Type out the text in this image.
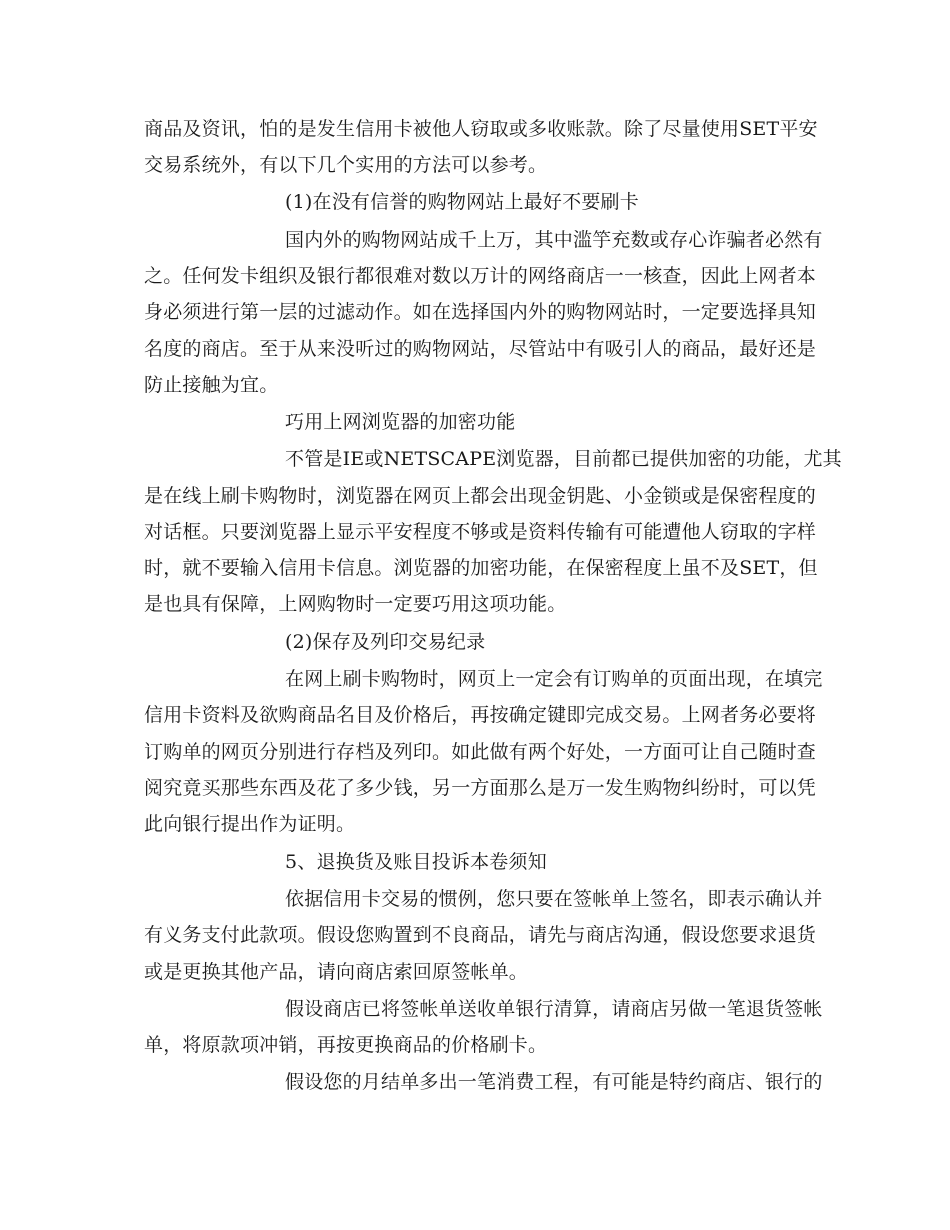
商品及资讯，怕的是发生信用卡被他人窃取或多收账款。除了尽量使用SET平安
交易系统外，有以下几个实用的方法可以参考。
(1)在没有信誉的购物网站上最好不要刷卡
国内外的购物网站成千上万，其中滥竽充数或存心诈骗者必然有
之。任何发卡组织及银行都很难对数以万计的网络商店一一核查，因此上网者本
身必须进行第一层的过滤动作。如在选择国内外的购物网站时，一定要选择具知
名度的商店。至于从来没听过的购物网站，尽管站中有吸引人的商品，最好还是
防止接触为宜。
巧用上网浏览器的加密功能
不管是IE或NETSCAPE浏览器，目前都已提供加密的功能，尤其
是在线上刷卡购物时，浏览器在网页上都会出现金钥匙、小金锁或是保密程度的
对话框。只要浏览器上显示平安程度不够或是资料传输有可能遭他人窃取的字样
时，就不要输入信用卡信息。浏览器的加密功能，在保密程度上虽不及SET，但
是也具有保障，上网购物时一定要巧用这项功能。
(2)保存及列印交易纪录
在网上刷卡购物时，网页上一定会有订购单的页面出现，在填完
信用卡资料及欲购商品名目及价格后，再按确定键即完成交易。上网者务必要将
订购单的网页分别进行存档及列印。如此做有两个好处，一方面可让自己随时查
阅究竟买那些东西及花了多少钱，另一方面那么是万一发生购物纠纷时，可以凭
此向银行提出作为证明。
5、退换货及账目投诉本卷须知
依据信用卡交易的惯例，您只要在签帐单上签名，即表示确认并
有义务支付此款项。假设您购置到不良商品，请先与商店沟通，假设您要求退货
或是更换其他产品，请向商店索回原签帐单。
假设商店已将签帐单送收单银行清算，请商店另做一笔退货签帐
单，将原款项冲销，再按更换商品的价格刷卡。
假设您的月结单多出一笔消费工程，有可能是特约商店、银行的
